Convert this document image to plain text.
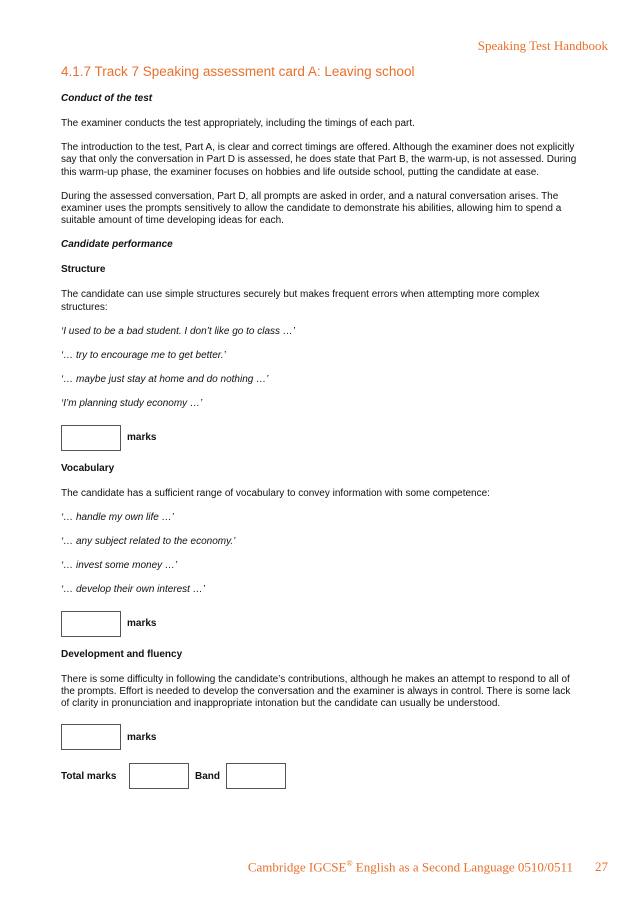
Speaking Test Handbook
4.1.7 Track 7 Speaking assessment card A: Leaving school
Conduct of the test

The examiner conducts the test appropriately, including the timings of each part.

The introduction to the test, Part A, is clear and correct timings are offered. Although the examiner does not explicitly say that only the conversation in Part D is assessed, he does state that Part B, the warm-up, is not assessed. During this warm-up phase, the examiner focuses on hobbies and life outside school, putting the candidate at ease.

During the assessed conversation, Part D, all prompts are asked in order, and a natural conversation arises. The examiner uses the prompts sensitively to allow the candidate to demonstrate his abilities, allowing him to spend a suitable amount of time developing ideas for each.

Candidate performance
Structure

The candidate can use simple structures securely but makes frequent errors when attempting more complex structures:

‘I used to be a bad student. I don’t like go to class …’

‘… try to encourage me to get better.’

‘… maybe just stay at home and do nothing …’

‘I’m planning study economy …’

marks
Vocabulary

The candidate has a sufficient range of vocabulary to convey information with some competence:

‘… handle my own life …’

‘… any subject related to the economy.’

‘… invest some money …’

‘… develop their own interest …’

marks
Development and fluency

There is some difficulty in following the candidate’s contributions, although he makes an attempt to respond to all of the prompts. Effort is needed to develop the conversation and the examiner is always in control. There is some lack of clarity in pronunciation and inappropriate intonation but the candidate can usually be understood.

marks
Total marks	Band
Cambridge IGCSE® English as a Second Language 0510/0511 27
